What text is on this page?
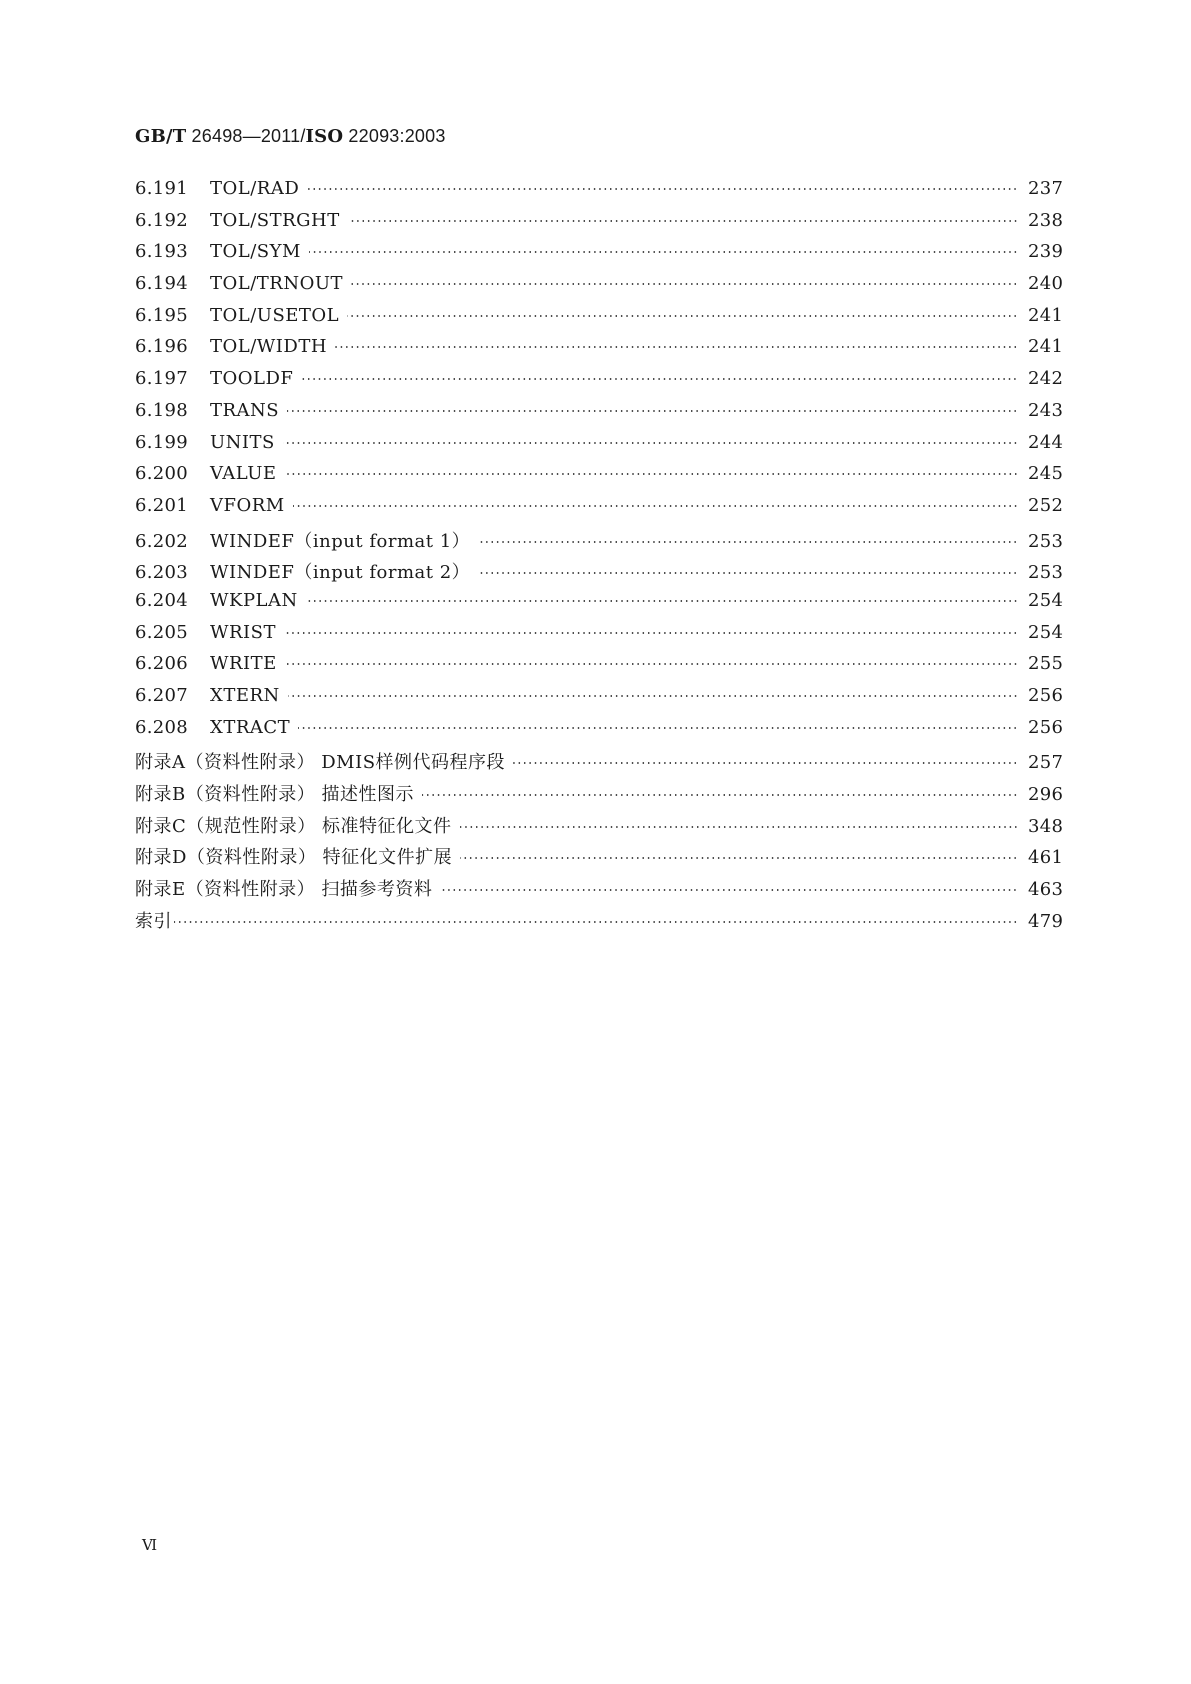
GB/T 26498—2011/ISO 22093:2003
6.191	TOL/RAD	237
6.192	TOL/STRGHT	238
6.193	TOL/SYM	239
6.194	TOL/TRNOUT	240
6.195	TOL/USETOL	241
6.196	TOL/WIDTH	241
6.197	TOOLDF	242
6.198	TRANS	243
6.199	UNITS	244
6.200	VALUE	245
6.201	VFORM	252
6.202	WINDEF（input format 1）	253
6.203	WINDEF（input format 2）	253
6.204	WKPLAN	254
6.205	WRIST	254
6.206	WRITE	255
6.207	XTERN	256
6.208	XTRACT	256
附录A（资料性附录） DMIS样例代码程序段	257
附录B（资料性附录） 描述性图示	296
附录C（规范性附录） 标准特征化文件	348
附录D（资料性附录） 特征化文件扩展	461
附录E（资料性附录） 扫描参考资料	463
索引	479
Ⅵ
